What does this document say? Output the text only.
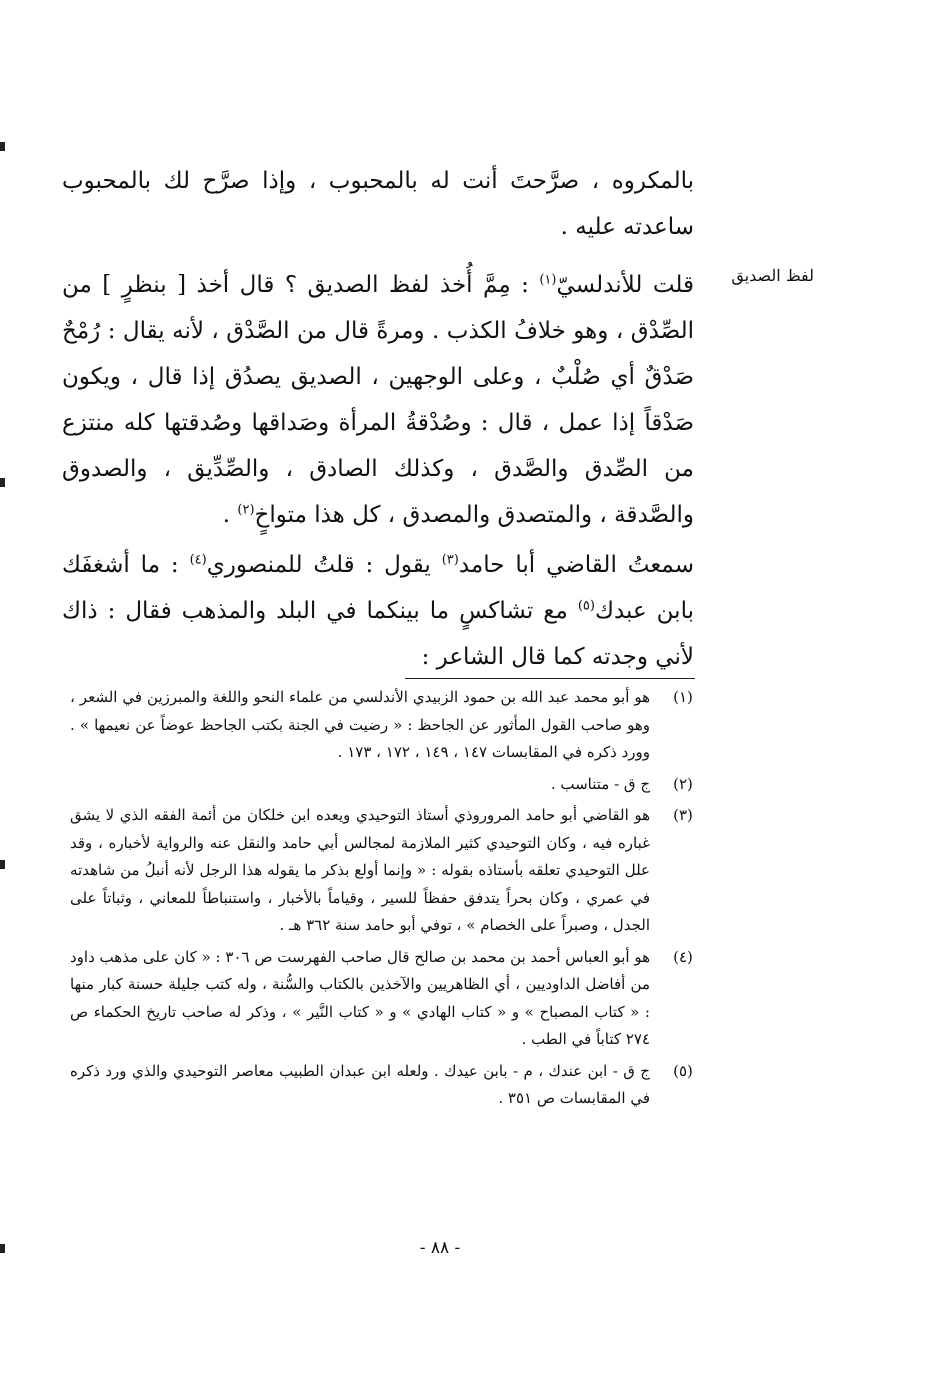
بالمكروه ، صرَّحتَ أنت له بالمحبوب ، وإذا صرَّح لك بالمحبوب ساعدته عليه .
لفظ الصديق
قلت للأندلسيّ$^{(١)}$ : مِمَّ أُخذ لفظ الصديق ؟ قال أخذ [ بنظرٍ ] من الصِّدْق ، وهو خلافُ الكذب . ومرةً قال من الصَّدْق ، لأنه يقال : رُمْحٌ صَدْقٌ أي صُلْبٌ ، وعلى الوجهين ، الصديق يصدُق إذا قال ، ويكون صَدْقاً إذا عمل ، قال : وصُدْقةُ المرأة وصَداقها وصُدقتها كله منتزع من الصِّدق والصَّدق ، وكذلك الصادق ، والصِّدِّيق ، والصدوق والصَّدقة ، والمتصدق والمصدق ، كل هذا متواخٍ$^{(٢)}$ .
سمعتُ القاضي أبا حامد$^{(٣)}$ يقول : قلتُ للمنصوري$^{(٤)}$ : ما أشغفَك بابن عبدك$^{(٥)}$ مع تشاكسٍ ما بينكما في البلد والمذهب فقال : ذاك لأني وجدته كما قال الشاعر :
(١)
هو أبو محمد عبد الله بن حمود الزبيدي الأندلسي من علماء النحو واللغة والمبرزين في الشعر ، وهو صاحب القول المأثور عن الجاحظ : « رضيت في الجنة بكتب الجاحظ عوضاً عن نعيمها » . وورد ذكره في المقابسات ١٤٧ ، ١٤٩ ، ١٧٢ ، ١٧٣ .
(٢)
ج ق - متناسب .
(٣)
هو القاضي أبو حامد المروروذي أستاذ التوحيدي ويعده ابن خلكان من أئمة الفقه الذي لا يشق غباره فيه ، وكان التوحيدي كثير الملازمة لمجالس أبي حامد والنقل عنه والرواية لأخباره ، وقد علل التوحيدي تعلقه بأستاذه بقوله : « وإنما أولع بذكر ما يقوله هذا الرجل لأنه أنبلُ من شاهدته في عمري ، وكان بحراً يتدفق حفظاً للسير ، وقياماً بالأخبار ، واستنباطاً للمعاني ، وثباتاً على الجدل ، وصبراً على الخصام » ، توفي أبو حامد سنة ٣٦٢ هـ .
(٤)
هو أبو العباس أحمد بن محمد بن صالح قال صاحب الفهرست ص ٣٠٦ : « كان على مذهب داود من أفاضل الداوديين ، أي الظاهريين والآخذين بالكتاب والسُّنة ، وله كتب جليلة حسنة كبار منها : « كتاب المصباح » و « كتاب الهادي » و « كتاب النَّير » ، وذكر له صاحب تاريخ الحكماء ص ٢٧٤ كتاباً في الطب .
(٥)
ج ق - ابن عندك ، م - بابن عيدك . ولعله ابن عبدان الطبيب معاصر التوحيدي والذي ورد ذكره في المقابسات ص ٣٥١ .
- ٨٨ -
